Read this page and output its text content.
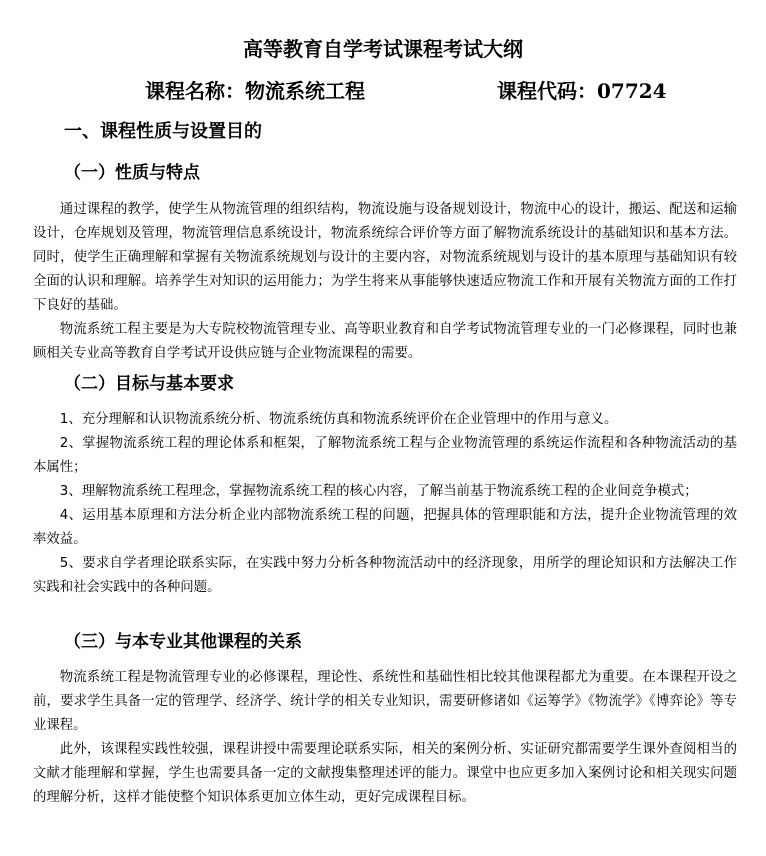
高等教育自学考试课程考试大纲
课程名称：物流系统工程	课程代码：07724
一、课程性质与设置目的
（一）性质与特点

通过课程的教学，使学生从物流管理的组织结构，物流设施与设备规划设计，物流中心的设计，搬运、配送和运输设计，仓库规划及管理，物流管理信息系统设计，物流系统综合评价等方面了解物流系统设计的基础知识和基本方法。同时，使学生正确理解和掌握有关物流系统规划与设计的主要内容，对物流系统规划与设计的基本原理与基础知识有较全面的认识和理解。培养学生对知识的运用能力；为学生将来从事能够快速适应物流工作和开展有关物流方面的工作打下良好的基础。

物流系统工程主要是为大专院校物流管理专业、高等职业教育和自学考试物流管理专业的一门必修课程，同时也兼顾相关专业高等教育自学考试开设供应链与企业物流课程的需要。

（二）目标与基本要求

1、充分理解和认识物流系统分析、物流系统仿真和物流系统评价在企业管理中的作用与意义。

2、掌握物流系统工程的理论体系和框架，了解物流系统工程与企业物流管理的系统运作流程和各种物流活动的基本属性；

3、理解物流系统工程理念，掌握物流系统工程的核心内容，了解当前基于物流系统工程的企业间竞争模式；

4、运用基本原理和方法分析企业内部物流系统工程的问题，把握具体的管理职能和方法，提升企业物流管理的效率效益。

5、要求自学者理论联系实际，在实践中努力分析各种物流活动中的经济现象，用所学的理论知识和方法解决工作实践和社会实践中的各种问题。

（三）与本专业其他课程的关系

物流系统工程是物流管理专业的必修课程，理论性、系统性和基础性相比较其他课程都尤为重要。在本课程开设之前，要求学生具备一定的管理学、经济学、统计学的相关专业知识，需要研修诸如《运筹学》《物流学》《博弈论》等专业课程。

此外，该课程实践性较强，课程讲授中需要理论联系实际，相关的案例分析、实证研究都需要学生课外查阅相当的文献才能理解和掌握，学生也需要具备一定的文献搜集整理述评的能力。课堂中也应更多加入案例讨论和相关现实问题的理解分析，这样才能使整个知识体系更加立体生动，更好完成课程目标。
